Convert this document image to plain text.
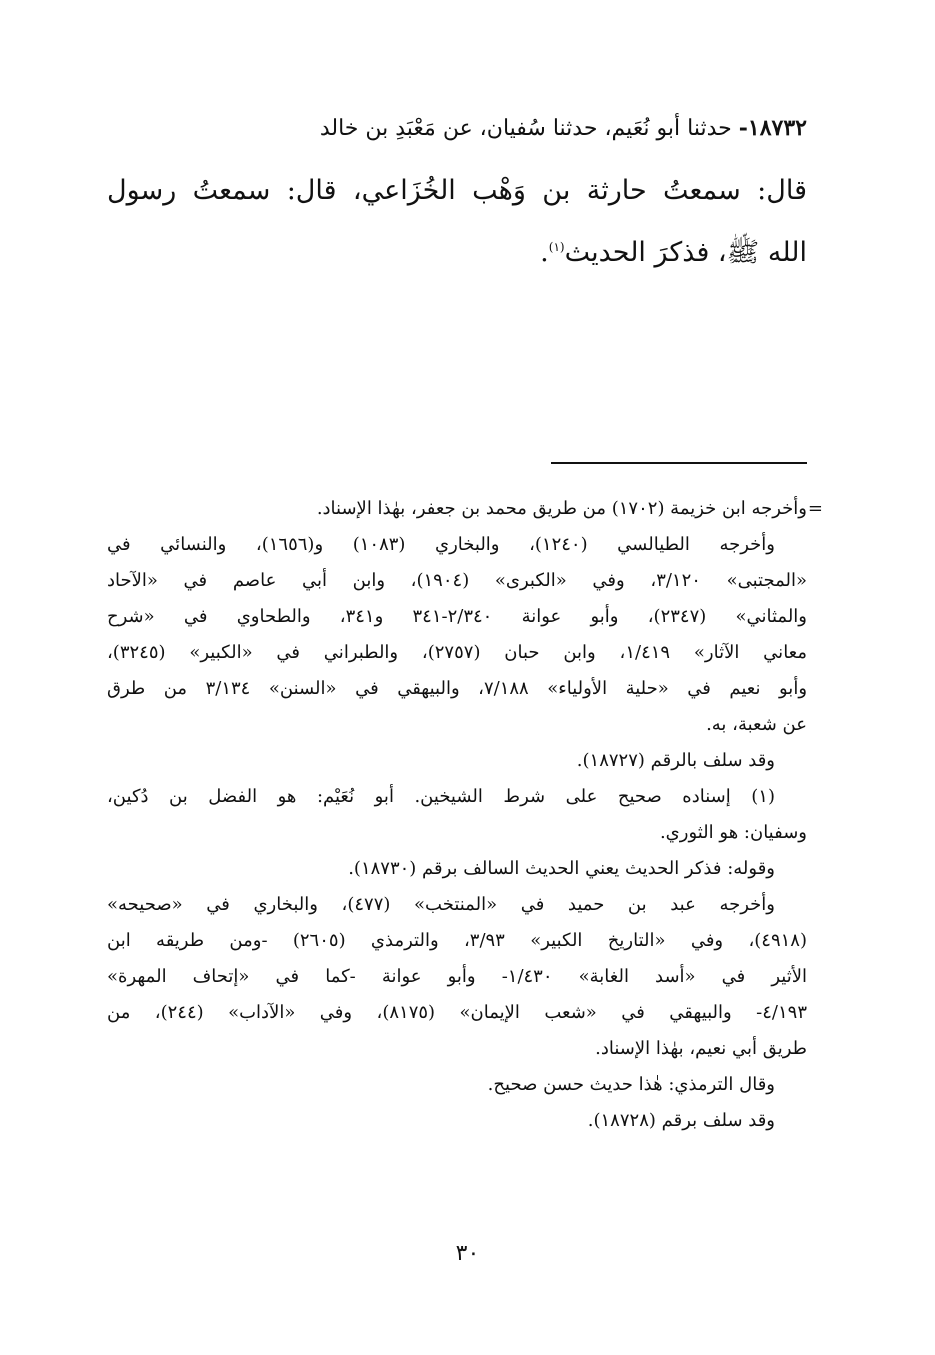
١٨٧٣٢- حدثنا أبو نُعَيم، حدثنا سُفيان، عن مَعْبَدِ بن خالد
قال: سمعتُ حارثة بن وَهْب الخُزَاعي، قال: سمعتُ رسول
الله ﷺ، فذكرَ الحديث$^{(١)}$.
=
وأخرجه ابن خزيمة (١٧٠٢) من طريق محمد بن جعفر، بهٰذا الإسناد.
وأخرجه الطيالسي (١٢٤٠)، والبخاري (١٠٨٣) و(١٦٥٦)، والنسائي في
«المجتبى» ٣/١٢٠، وفي «الكبرى» (١٩٠٤)، وابن أبي عاصم في «الآحاد
والمثاني» (٢٣٤٧)، وأبو عوانة ٢/٣٤٠-٣٤١ و٣٤١، والطحاوي في «شرح
معاني الآثار» ١/٤١٩، وابن حبان (٢٧٥٧)، والطبراني في «الكبير» (٣٢٤٥)،
وأبو نعيم في «حلية الأولياء» ٧/١٨٨، والبيهقي في «السنن» ٣/١٣٤ من طرق
عن شعبة، به.
وقد سلف بالرقم (١٨٧٢٧).
(١) إسناده صحيح على شرط الشيخين. أبو نُعَيْم: هو الفضل بن دُكين،
وسفيان: هو الثوري.
وقوله: فذكر الحديث يعني الحديث السالف برقم (١٨٧٣٠).
وأخرجه عبد بن حميد في «المنتخب» (٤٧٧)، والبخاري في «صحيحه»
(٤٩١٨)، وفي «التاريخ الكبير» ٣/٩٣، والترمذي (٢٦٠٥) -ومن طريقه ابن
الأثير في «أسد الغابة» ١/٤٣٠- وأبو عوانة -كما في «إتحاف المهرة»
٤/١٩٣- والبيهقي في «شعب الإيمان» (٨١٧٥)، وفي «الآداب» (٢٤٤)، من
طريق أبي نعيم، بهٰذا الإسناد.
وقال الترمذي: هٰذا حديث حسن صحيح.
وقد سلف برقم (١٨٧٢٨).
٣٠
